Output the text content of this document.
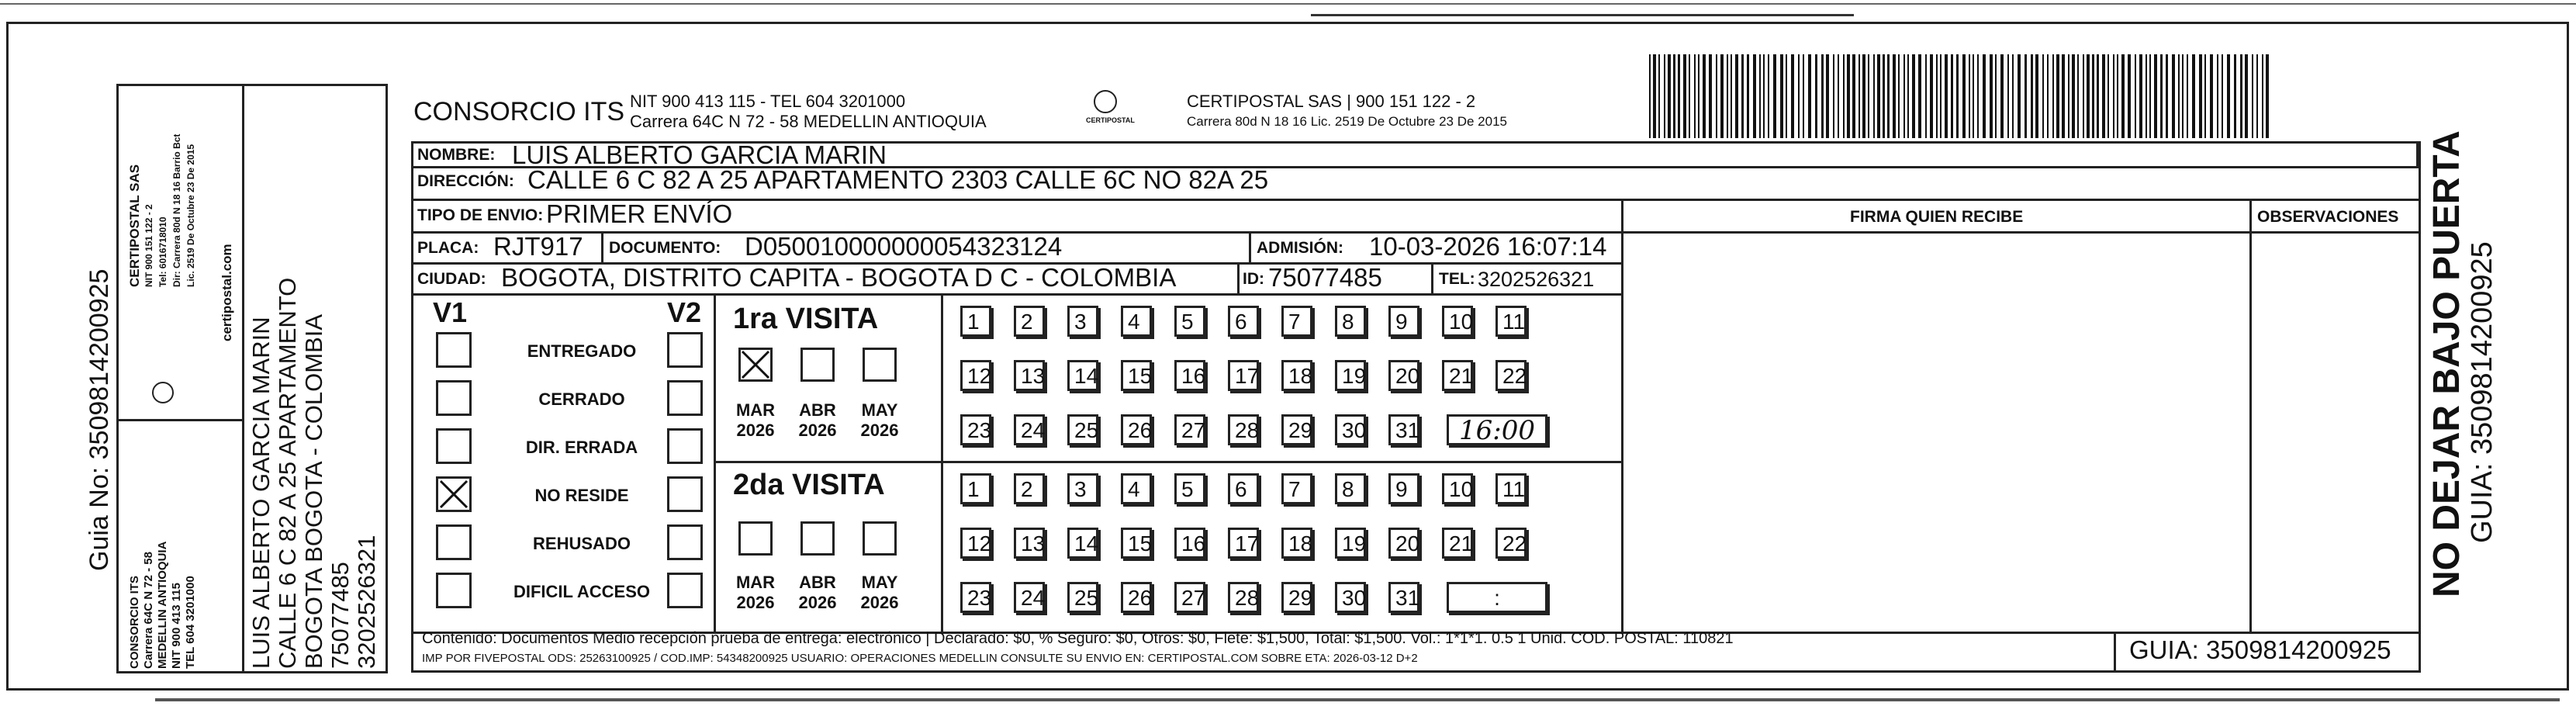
Guia No: 3509814200925
CONSORCIO ITS Carrera 64C N 72 - 58 MEDELLIN ANTIOQUIA NIT 900 413 115 TEL 604 3201000
CERTIPOSTAL SAS NIT 900 151 122 - 2 Tel: 6016718010 Dir: Carrera 80d N 18 16 Barrio Bct Lic. 2519 De Octubre 23 De 2015
certipostal.com
LUIS ALBERTO GARCIA MARIN CALLE 6 C 82 A 25 APARTAMENTO BOGOTA BOGOTA - COLOMBIA 75077485 3202526321
CONSORCIO ITS NIT 900 413 115 - TEL 604 3201000
Carrera 64C N 72 - 58 MEDELLIN ANTIOQUIA	CERTIPOSTAL
CERTIPOSTAL SAS | 900 151 122 - 2
Carrera 80d N 18 16 Lic. 2519 De Octubre 23 De 2015
NOMBRE: LUIS ALBERTO GARCIA MARIN
DIRECCIÓN: CALLE 6 C 82 A 25 APARTAMENTO 2303 CALLE 6C NO 82A 25
TIPO DE ENVIO: PRIMER ENVÍO	FIRMA QUIEN RECIBE	OBSERVACIONES
PLACA: RJT917 DOCUMENTO: D050010000000054323124	ADMISIÓN: 10-03-2026 16:07:14
CIUDAD: BOGOTA, DISTRITO CAPITA - BOGOTA D C - COLOMBIA	ID: 75077485	TEL: 3202526321
V1	V2
ENTREGADO
CERRADO
DIR. ERRADA
NO RESIDE
REHUSADO
DIFICIL ACCESO
1ra VISITA
2da VISITA
MAR
2026
ABR
2026
MAY
2026
MAR
2026
ABR
2026
MAY
2026
1	2	3	4	5	6	7	8	9	10	11
12	13	14	15	16	17	18	19	20	21	22
23	24	25	26	27	28	29	30	31	16:00
1	2	3	4	5	6	7	8	9	10	11
12	13	14	15	16	17	18	19	20	21	22
23	24	25	26	27	28	29	30	31	:
Contenido: Documentos Medio recepción prueba de entrega: electrónico | Declarado: $0, % Seguro: $0, Otros: $0, Flete: $1,500, Total: $1,500. Vol.: 1*1*1. 0.5 1 Unid. COD. POSTAL: 110821
IMP POR FIVEPOSTAL ODS: 25263100925 / COD.IMP: 54348200925 USUARIO: OPERACIONES MEDELLIN CONSULTE SU ENVIO EN: CERTIPOSTAL.COM SOBRE ETA: 2026-03-12 D+2	GUIA: 3509814200925
NO DEJAR BAJO PUERTA
GUIA: 3509814200925
